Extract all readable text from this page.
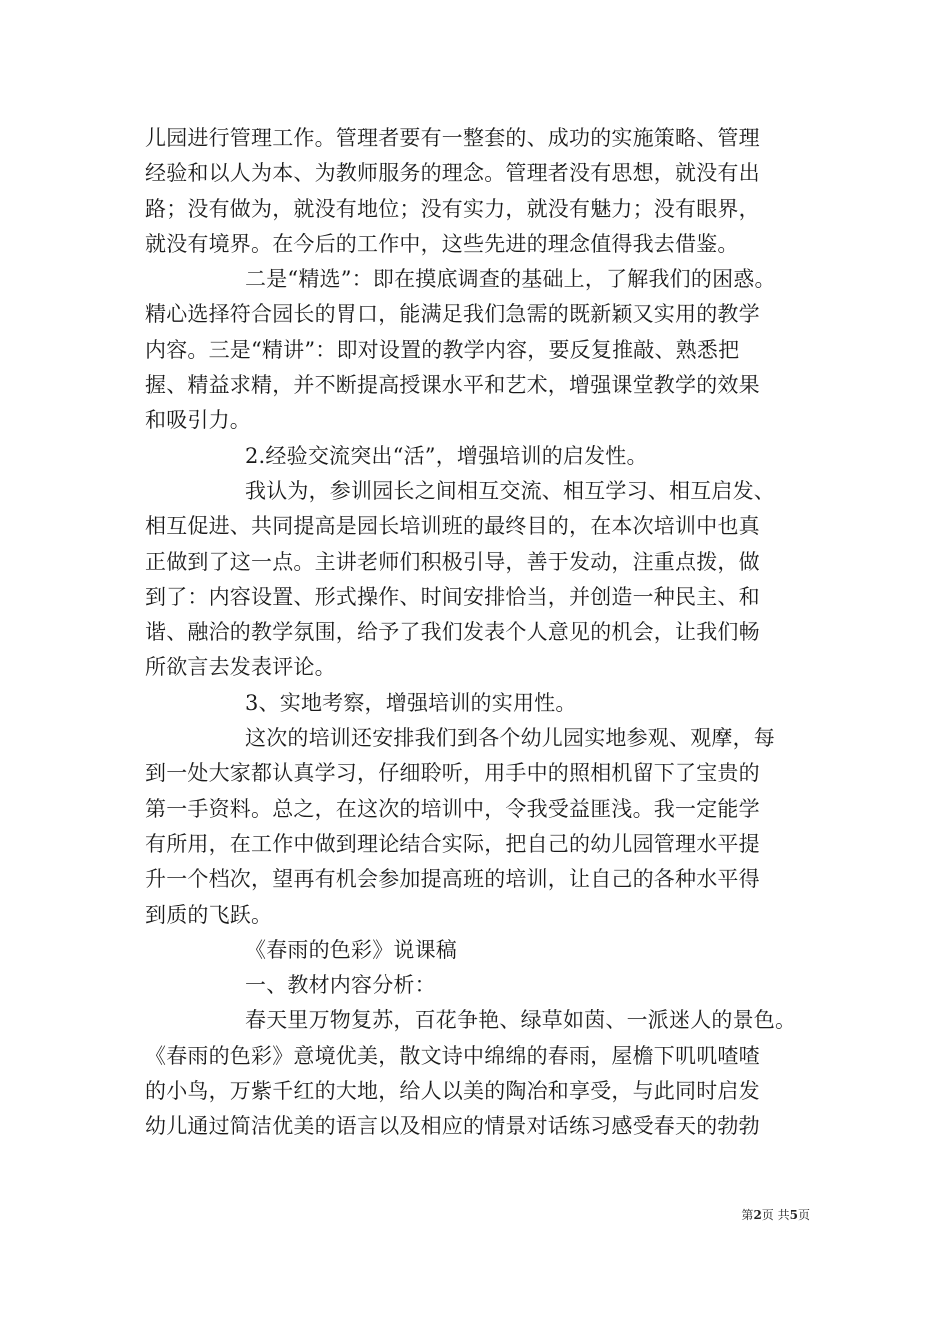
儿园进行管理工作。管理者要有一整套的、成功的实施策略、管理
经验和以人为本、为教师服务的理念。管理者没有思想，就没有出
路；没有做为，就没有地位；没有实力，就没有魅力；没有眼界，
就没有境界。在今后的工作中，这些先进的理念值得我去借鉴。
二是“精选”：即在摸底调查的基础上，了解我们的困惑。
精心选择符合园长的胃口，能满足我们急需的既新颖又实用的教学
内容。三是“精讲”：即对设置的教学内容，要反复推敲、熟悉把
握、精益求精，并不断提高授课水平和艺术，增强课堂教学的效果
和吸引力。
2.经验交流突出“活”，增强培训的启发性。
我认为，参训园长之间相互交流、相互学习、相互启发、
相互促进、共同提高是园长培训班的最终目的，在本次培训中也真
正做到了这一点。主讲老师们积极引导，善于发动，注重点拨，做
到了：内容设置、形式操作、时间安排恰当，并创造一种民主、和
谐、融洽的教学氛围，给予了我们发表个人意见的机会，让我们畅
所欲言去发表评论。
3、实地考察，增强培训的实用性。
这次的培训还安排我们到各个幼儿园实地参观、观摩，每
到一处大家都认真学习，仔细聆听，用手中的照相机留下了宝贵的
第一手资料。总之，在这次的培训中，令我受益匪浅。我一定能学
有所用，在工作中做到理论结合实际，把自己的幼儿园管理水平提
升一个档次，望再有机会参加提高班的培训，让自己的各种水平得
到质的飞跃。
《春雨的色彩》说课稿
一、教材内容分析：
春天里万物复苏，百花争艳、绿草如茵、一派迷人的景色。
《春雨的色彩》意境优美，散文诗中绵绵的春雨，屋檐下叽叽喳喳
的小鸟，万紫千红的大地，给人以美的陶冶和享受，与此同时启发
幼儿通过简洁优美的语言以及相应的情景对话练习感受春天的勃勃
第2页 共5页
